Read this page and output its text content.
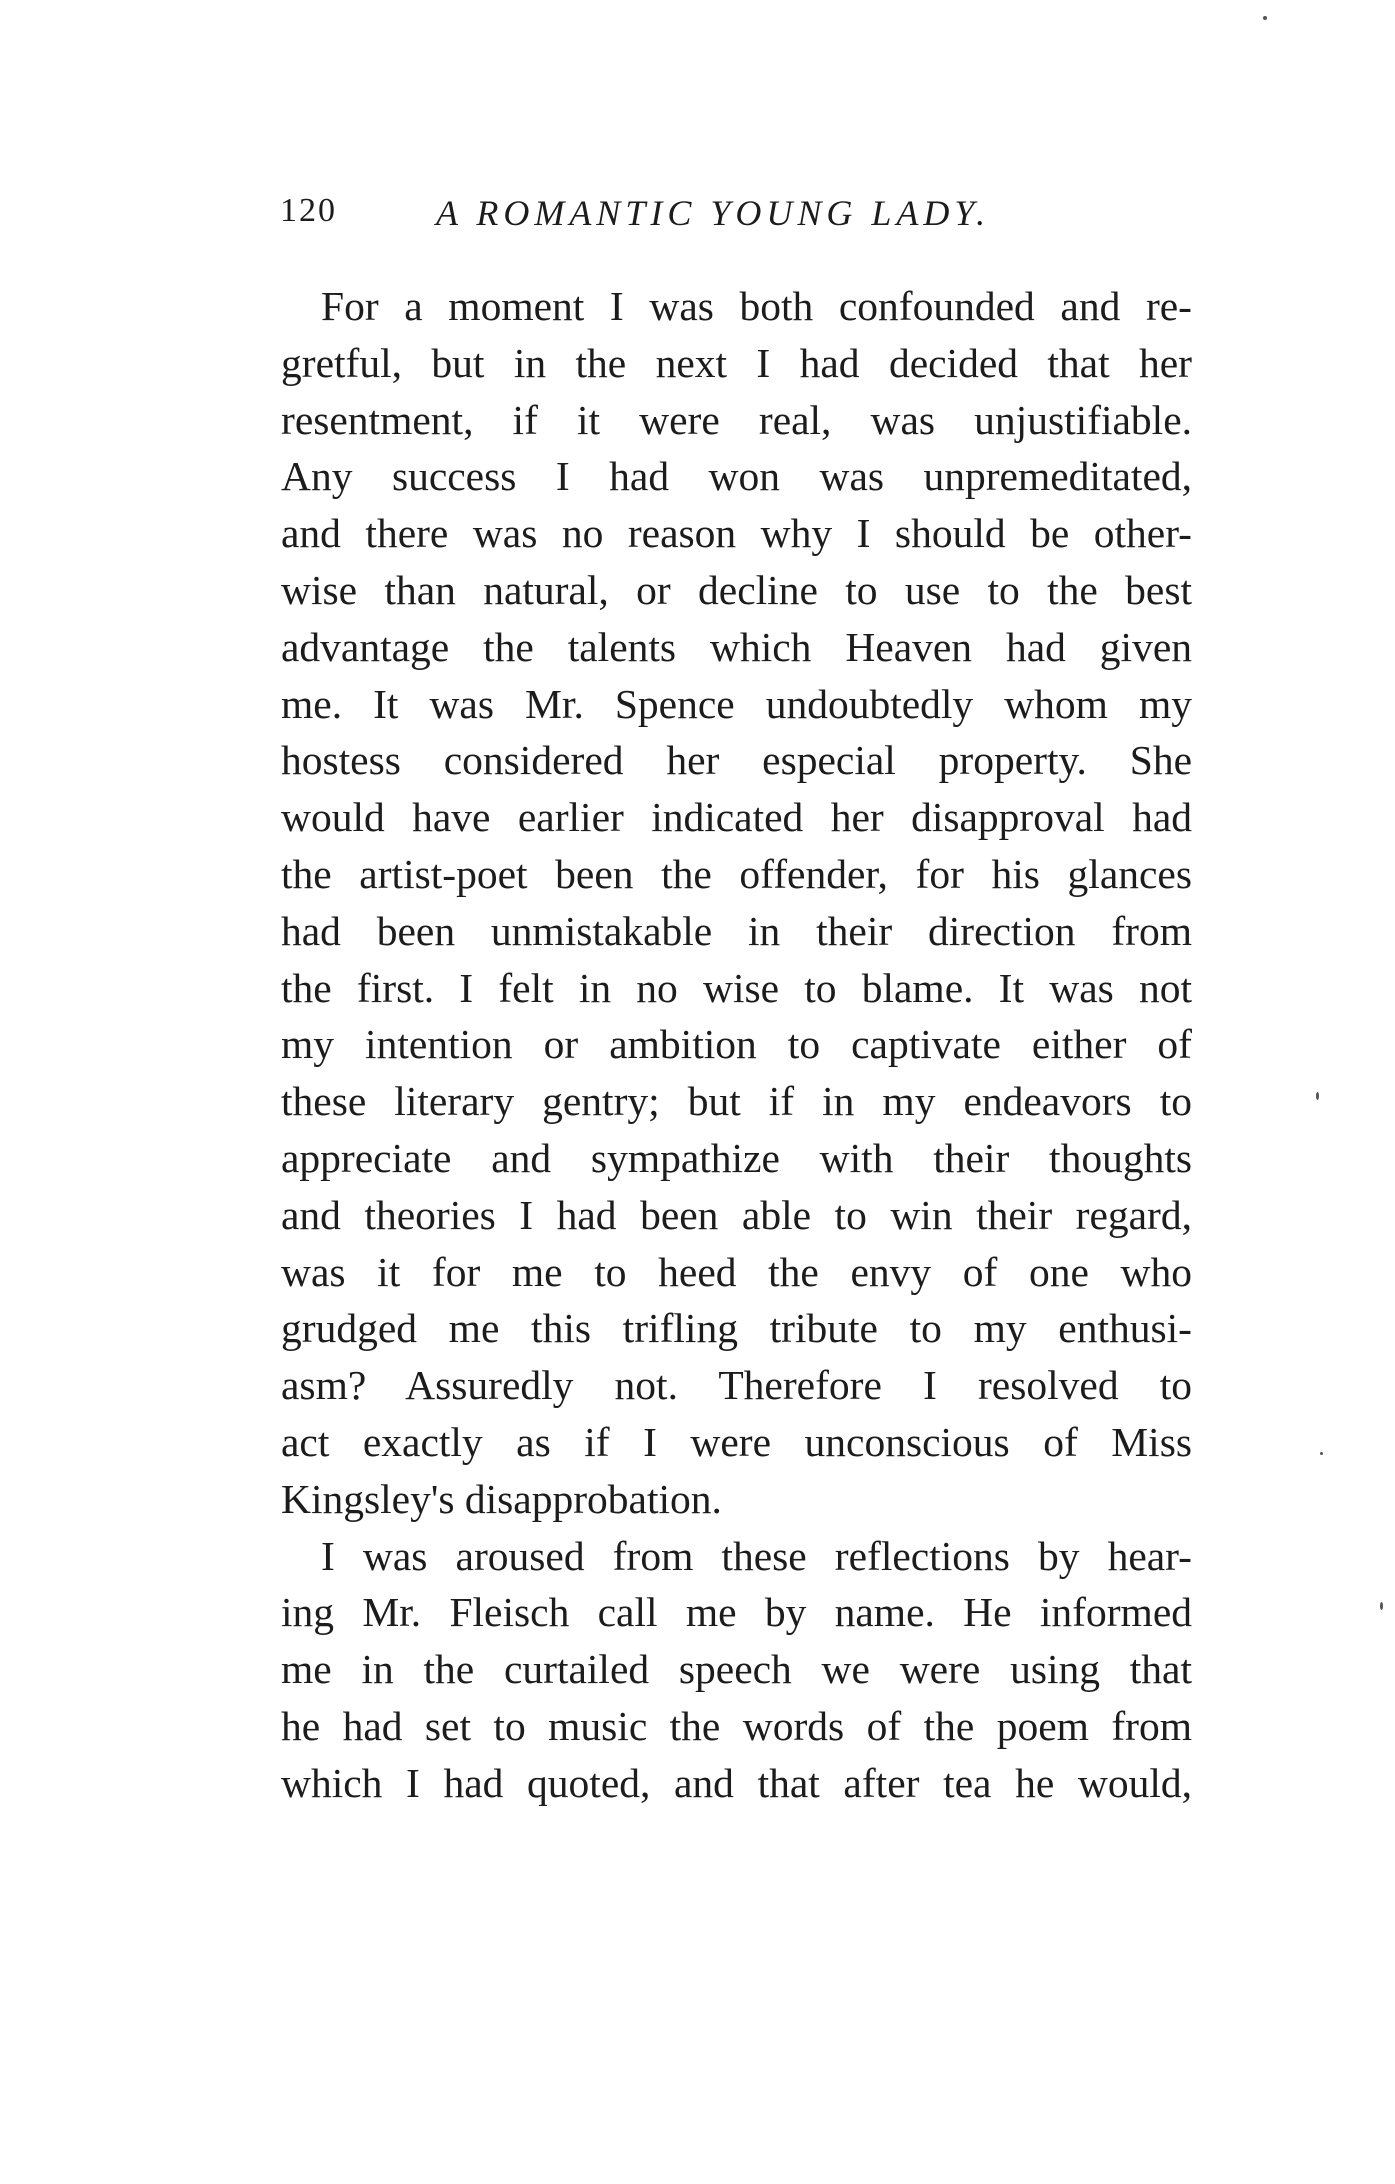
120	A ROMANTIC YOUNG LADY.
For a moment I was both confounded and re-
gretful, but in the next I had decided that her
resentment, if it were real, was unjustifiable.
Any success I had won was unpremeditated,
and there was no reason why I should be other-
wise than natural, or decline to use to the best
advantage the talents which Heaven had given
me. It was Mr. Spence undoubtedly whom my
hostess considered her especial property. She
would have earlier indicated her disapproval had
the artist-poet been the offender, for his glances
had been unmistakable in their direction from
the first. I felt in no wise to blame. It was not
my intention or ambition to captivate either of
these literary gentry; but if in my endeavors to
appreciate and sympathize with their thoughts
and theories I had been able to win their regard,
was it for me to heed the envy of one who
grudged me this trifling tribute to my enthusi-
asm? Assuredly not. Therefore I resolved to
act exactly as if I were unconscious of Miss
Kingsley's disapprobation.
I was aroused from these reflections by hear-
ing Mr. Fleisch call me by name. He informed
me in the curtailed speech we were using that
he had set to music the words of the poem from
which I had quoted, and that after tea he would,
